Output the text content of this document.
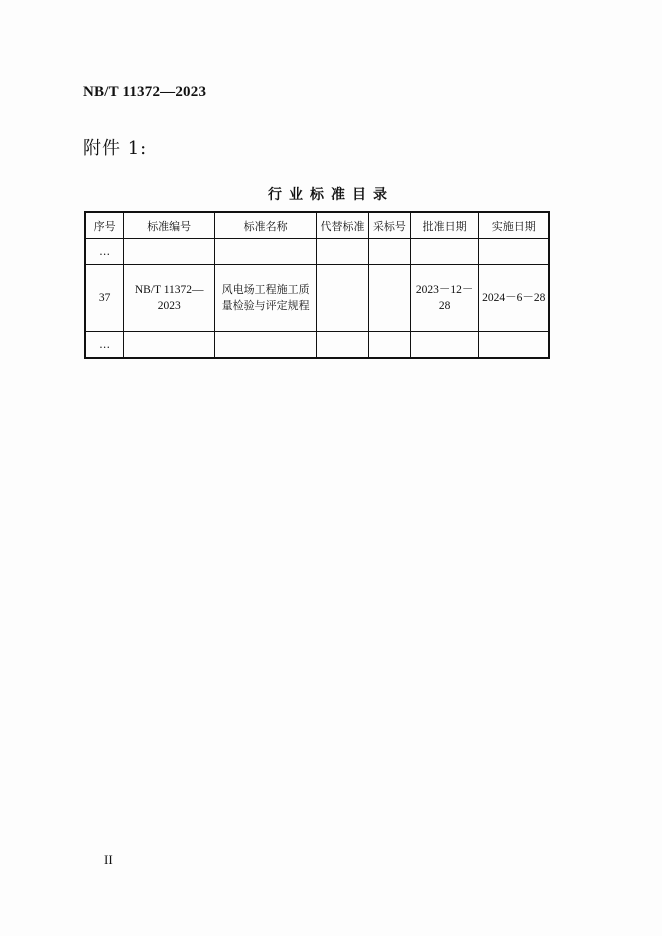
NB/T 11372—2023
附件 1:
行业标准目录
序号	标准编号	标准名称	代替标准	采标号	批准日期	实施日期
…						
37	NB/T 11372—2023	风电场工程施工质量检验与评定规程			2023－12－28	2024－6－28
…						
II
